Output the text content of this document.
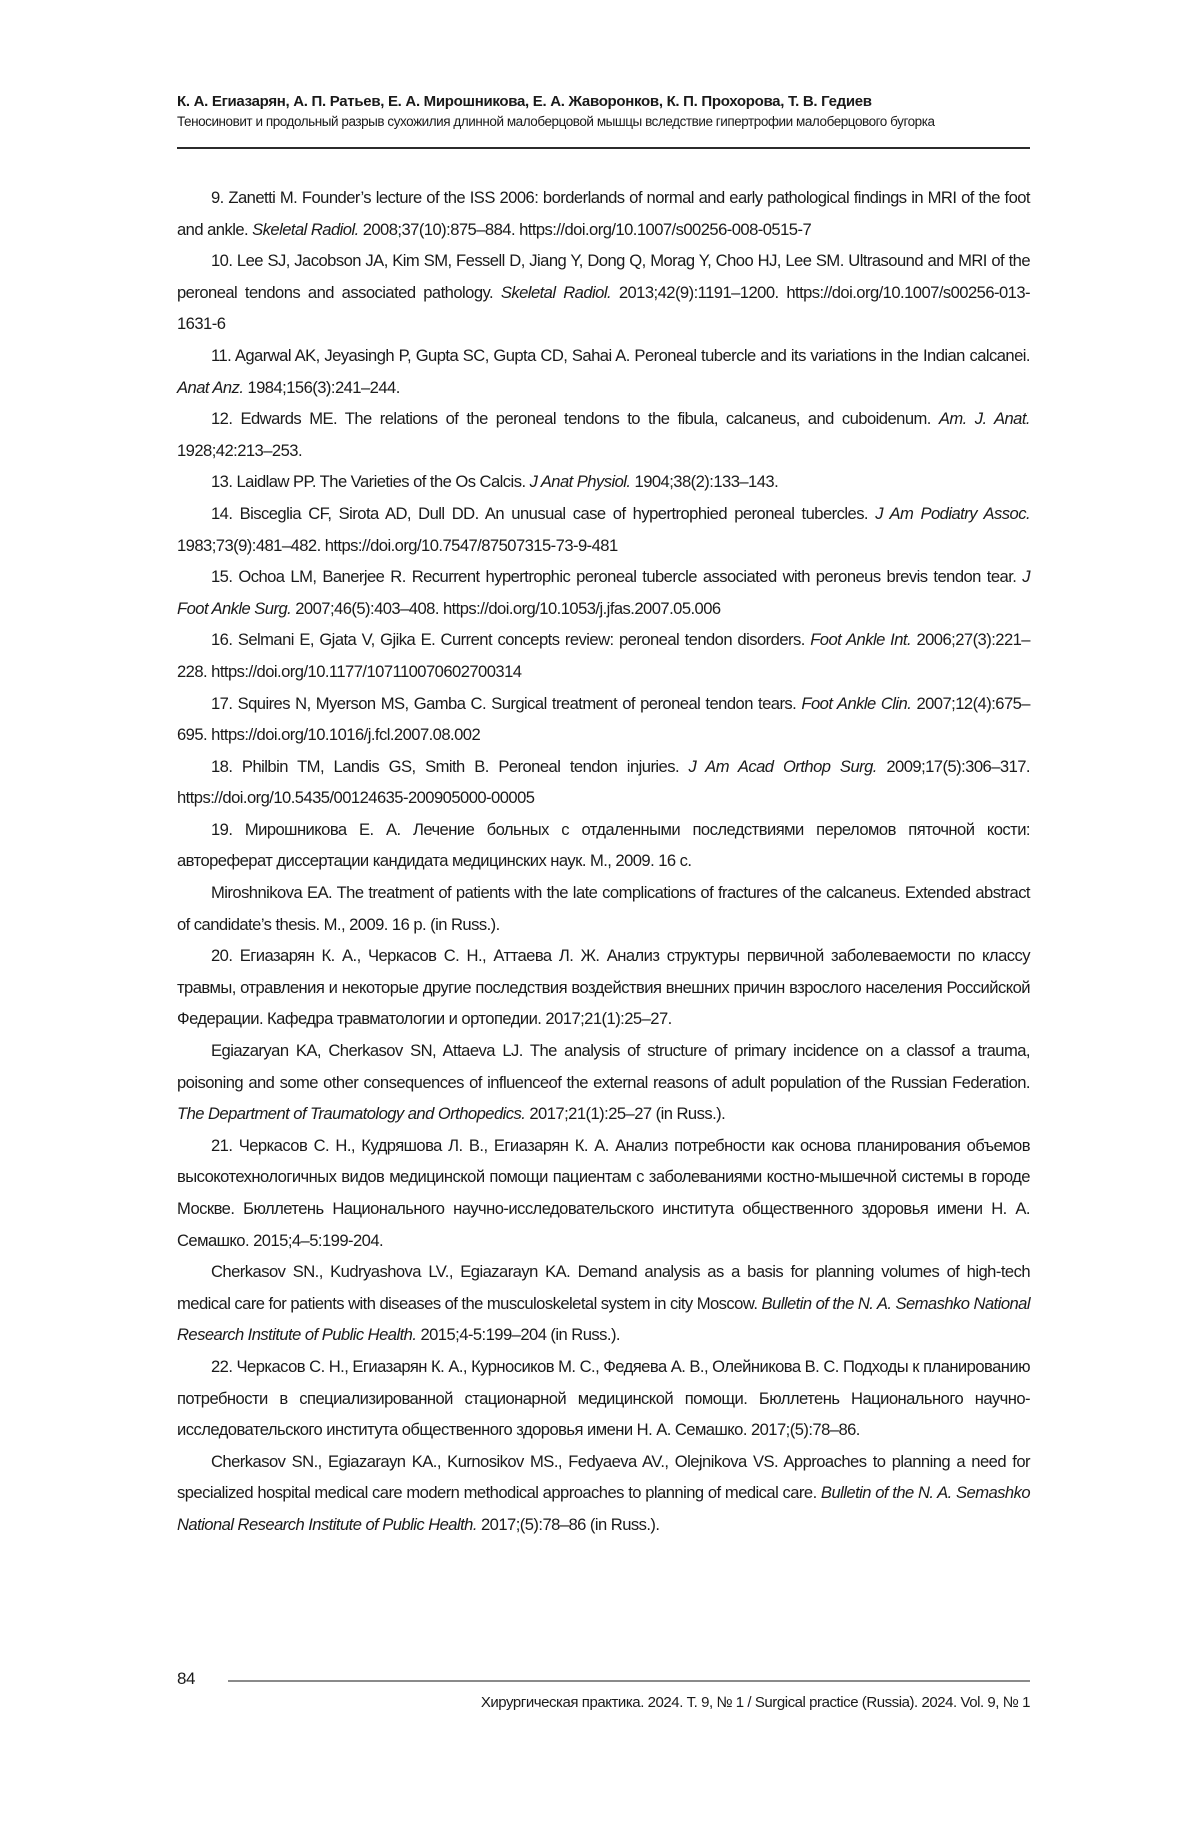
К. А. Егиазарян, А. П. Ратьев, Е. А. Мирошникова, Е. А. Жаворонков, К. П. Прохорова, Т. В. Гедиев
Теносиновит и продольный разрыв сухожилия длинной малоберцовой мышцы вследствие гипертрофии малоберцового бугорка

9. Zanetti M. Founder’s lecture of the ISS 2006: borderlands of normal and early pathological findings in MRI of the foot and ankle. Skeletal Radiol. 2008;37(10):875–884. https://doi.org/10.1007/s00256-008-0515-7

10. Lee SJ, Jacobson JA, Kim SM, Fessell D, Jiang Y, Dong Q, Morag Y, Choo HJ, Lee SM. Ultrasound and MRI of the peroneal tendons and associated pathology. Skeletal Radiol. 2013;42(9):1191–1200. https://doi.org/10.1007/s00256-013-1631-6

11. Agarwal AK, Jeyasingh P, Gupta SC, Gupta CD, Sahai A. Peroneal tubercle and its variations in the Indian calcanei. Anat Anz. 1984;156(3):241–244.

12. Edwards ME. The relations of the peroneal tendons to the fibula, calcaneus, and cuboidenum. Am. J. Anat. 1928;42:213–253.

13. Laidlaw PP. The Varieties of the Os Calcis. J Anat Physiol. 1904;38(2):133–143.

14. Bisceglia CF, Sirota AD, Dull DD. An unusual case of hypertrophied peroneal tubercles. J Am Podiatry Assoc. 1983;73(9):481–482. https://doi.org/10.7547/87507315-73-9-481

15. Ochoa LM, Banerjee R. Recurrent hypertrophic peroneal tubercle associated with peroneus brevis tendon tear. J Foot Ankle Surg. 2007;46(5):403–408. https://doi.org/10.1053/j.jfas.2007.05.006

16. Selmani E, Gjata V, Gjika E. Current concepts review: peroneal tendon disorders. Foot Ankle Int. 2006;27(3):221–228. https://doi.org/10.1177/107110070602700314

17. Squires N, Myerson MS, Gamba C. Surgical treatment of peroneal tendon tears. Foot Ankle Clin. 2007;12(4):675–695. https://doi.org/10.1016/j.fcl.2007.08.002

18. Philbin TM, Landis GS, Smith B. Peroneal tendon injuries. J Am Acad Orthop Surg. 2009;17(5):306–317. https://doi.org/10.5435/00124635-200905000-00005

19. Мирошникова Е. А. Лечение больных с отдаленными последствиями переломов пяточной кости: автореферат диссертации кандидата медицинских наук. М., 2009. 16 с.

Miroshnikova EA. The treatment of patients with the late complications of fractures of the calcaneus. Extended abstract of candidate’s thesis. M., 2009. 16 p. (in Russ.).

20. Егиазарян К. А., Черкасов С. Н., Аттаева Л. Ж. Анализ структуры первичной заболеваемости по классу травмы, отравления и некоторые другие последствия воздействия внешних причин взрослого населения Российской Федерации. Кафедра травматологии и ортопедии. 2017;21(1):25–27.

Egiazaryan KA, Cherkasov SN, Attaeva LJ. The analysis of structure of primary incidence on a classof a trauma, poisoning and some other consequences of influenceof the external reasons of adult population of the Russian Federation. The Department of Traumatology and Orthopedics. 2017;21(1):25–27 (in Russ.).

21. Черкасов С. Н., Кудряшова Л. В., Егиазарян К. А. Анализ потребности как основа планирования объемов высокотехнологичных видов медицинской помощи пациентам с заболеваниями костно-мышечной системы в городе Москве. Бюллетень Национального научно-исследовательского института общественного здоровья имени Н. А. Семашко. 2015;4–5:199-204.

Cherkasov SN., Kudryashova LV., Egiazarayn KA. Demand analysis as a basis for planning volumes of high-tech medical care for patients with diseases of the musculoskeletal system in city Moscow. Bulletin of the N. A. Semashko National Research Institute of Public Health. 2015;4-5:199–204 (in Russ.).

22. Черкасов С. Н., Егиазарян К. А., Курносиков М. С., Федяева А. В., Олейникова В. С. Подходы к планированию потребности в специализированной стационарной медицинской помощи. Бюллетень Национального научно-исследовательского института общественного здоровья имени Н. А. Семашко. 2017;(5):78–86.

Cherkasov SN., Egiazarayn KA., Kurnosikov MS., Fedyaeva AV., Olejnikova VS. Approaches to planning a need for specialized hospital medical care modern methodical approaches to planning of medical care. Bulletin of the N. A. Semashko National Research Institute of Public Health. 2017;(5):78–86 (in Russ.).

84
Хирургическая практика. 2024. Т. 9, № 1 / Surgical practice (Russia). 2024. Vol. 9, № 1
